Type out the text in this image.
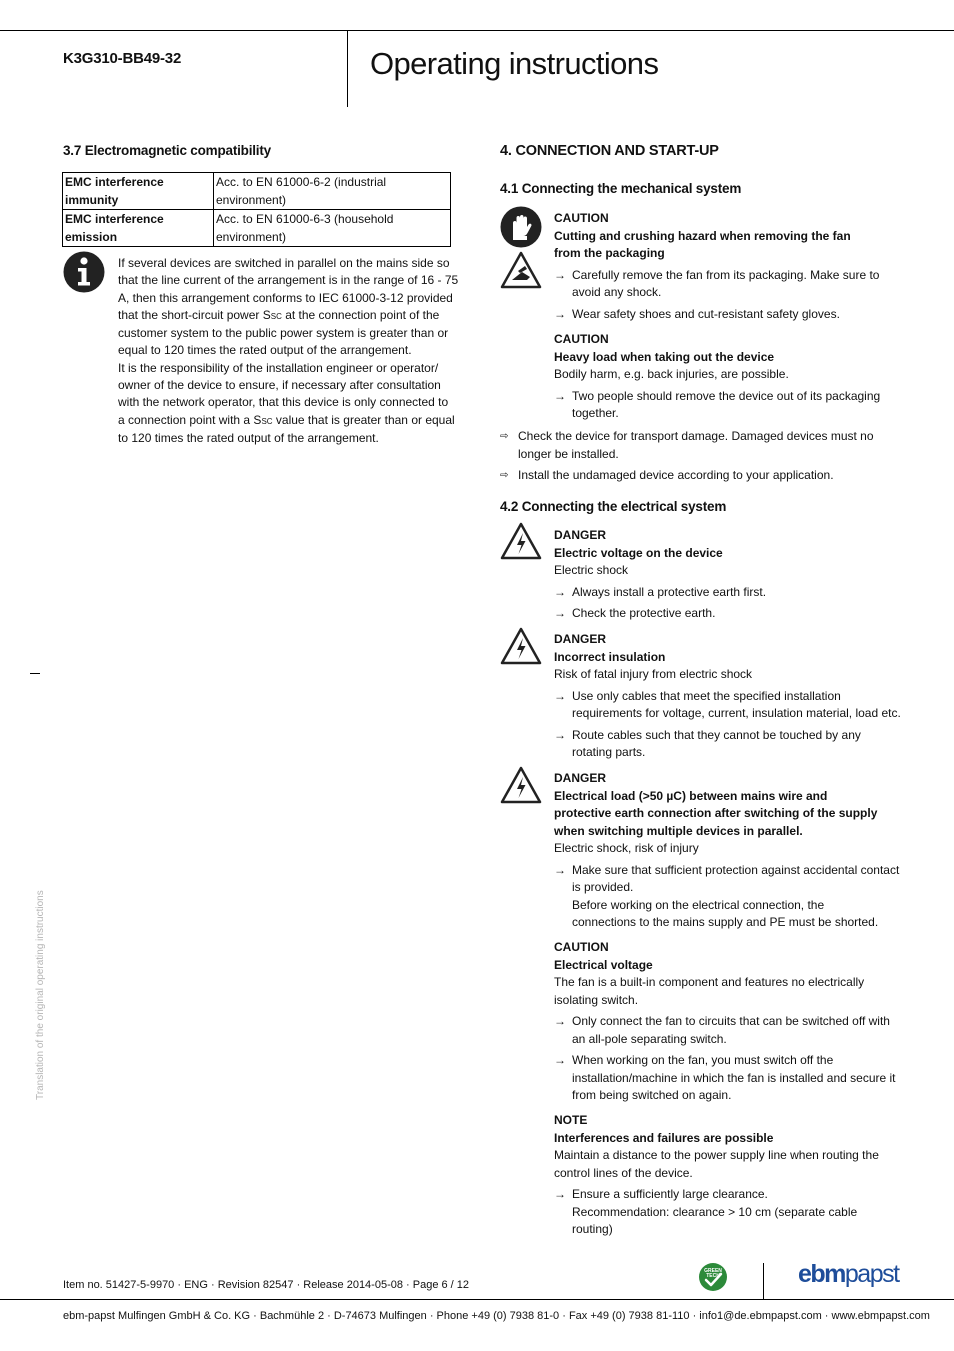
K3G310-BB49-32	Operating instructions
3.7 Electromagnetic compatibility
EMC interference immunity	Acc. to EN 61000-6-2 (industrial environment)
EMC interference emission	Acc. to EN 61000-6-3 (household environment)
If several devices are switched in parallel on the mains side so
that the line current of the arrangement is in the range of 16 - 75
A, then this arrangement conforms to IEC 61000-3-12 provided
that the short-circuit power SSC at the connection point of the
customer system to the public power system is greater than or
equal to 120 times the rated output of the arrangement.
It is the responsibility of the installation engineer or operator/
owner of the device to ensure, if necessary after consultation
with the network operator, that this device is only connected to
a connection point with a SSC value that is greater than or equal
to 120 times the rated output of the arrangement.
Translation of the original operating instructions
4. CONNECTION AND START-UP
4.1 Connecting the mechanical system
CAUTION
Cutting and crushing hazard when removing the fan
from the packaging
→ Carefully remove the fan from its packaging. Make sure to
avoid any shock.
→ Wear safety shoes and cut-resistant safety gloves.
CAUTION
Heavy load when taking out the device
Bodily harm, e.g. back injuries, are possible.
→ Two people should remove the device out of its packaging
together.
⇨ Check the device for transport damage. Damaged devices must no
longer be installed.
⇨ Install the undamaged device according to your application.
4.2 Connecting the electrical system
DANGER
Electric voltage on the device
Electric shock
→ Always install a protective earth first.
→ Check the protective earth.
DANGER
Incorrect insulation
Risk of fatal injury from electric shock
→ Use only cables that meet the specified installation
requirements for voltage, current, insulation material, load etc.
→ Route cables such that they cannot be touched by any
rotating parts.
DANGER
Electrical load (>50 µC) between mains wire and
protective earth connection after switching of the supply
when switching multiple devices in parallel.
Electric shock, risk of injury
→ Make sure that sufficient protection against accidental contact
is provided.
Before working on the electrical connection, the
connections to the mains supply and PE must be shorted.
CAUTION
Electrical voltage
The fan is a built-in component and features no electrically
isolating switch.
→ Only connect the fan to circuits that can be switched off with
an all-pole separating switch.
→ When working on the fan, you must switch off the
installation/machine in which the fan is installed and secure it
from being switched on again.
NOTE
Interferences and failures are possible
Maintain a distance to the power supply line when routing the
control lines of the device.
→ Ensure a sufficiently large clearance.
Recommendation: clearance > 10 cm (separate cable
routing)
Item no. 51427-5-9970 · ENG · Revision 82547 · Release 2014-05-08 · Page 6 / 12
GREEN
TECH	ebmpapst
ebm-papst Mulfingen GmbH & Co. KG · Bachmühle 2 · D-74673 Mulfingen · Phone +49 (0) 7938 81-0 · Fax +49 (0) 7938 81-110 · info1@de.ebmpapst.com · www.ebmpapst.com
